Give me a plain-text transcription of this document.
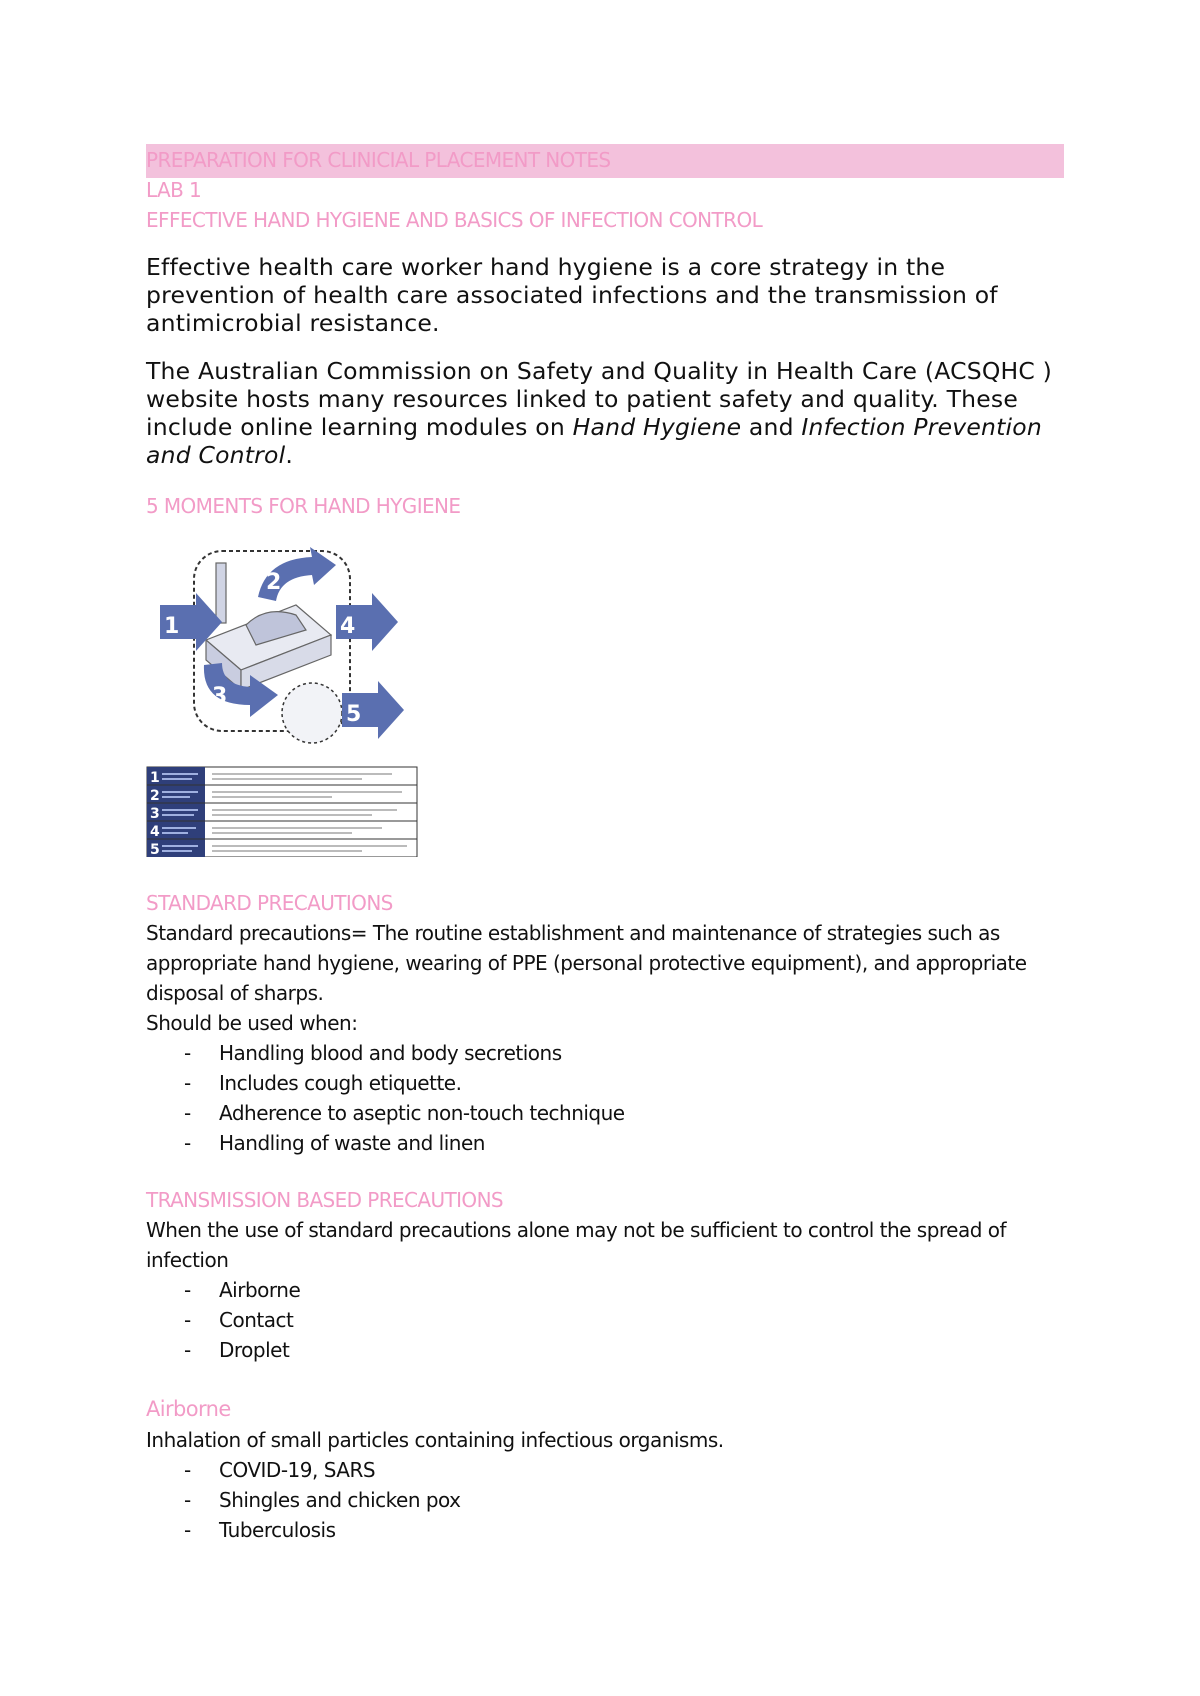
PREPARATION FOR CLINICIAL PLACEMENT NOTES
LAB 1
EFFECTIVE HAND HYGIENE AND BASICS OF INFECTION CONTROL
Effective health care worker hand hygiene is a core strategy in the prevention of health care associated infections and the transmission of antimicrobial resistance.
The Australian Commission on Safety and Quality in Health Care (ACSQHC ) website hosts many resources linked to patient safety and quality. These include online learning modules on Hand Hygiene and Infection Prevention and Control.
5 MOMENTS FOR HAND HYGIENE
1
2
4
3
5
1
2
3
4
5
STANDARD PRECAUTIONS
Standard precautions= The routine establishment and maintenance of strategies such as appropriate hand hygiene, wearing of PPE (personal protective equipment), and appropriate disposal of sharps.
Should be used when:
- Handling blood and body secretions
- Includes cough etiquette.
- Adherence to aseptic non-touch technique
- Handling of waste and linen
TRANSMISSION BASED PRECAUTIONS
When the use of standard precautions alone may not be sufficient to control the spread of infection
- Airborne
- Contact
- Droplet
Airborne
Inhalation of small particles containing infectious organisms.
- COVID-19, SARS
- Shingles and chicken pox
- Tuberculosis
